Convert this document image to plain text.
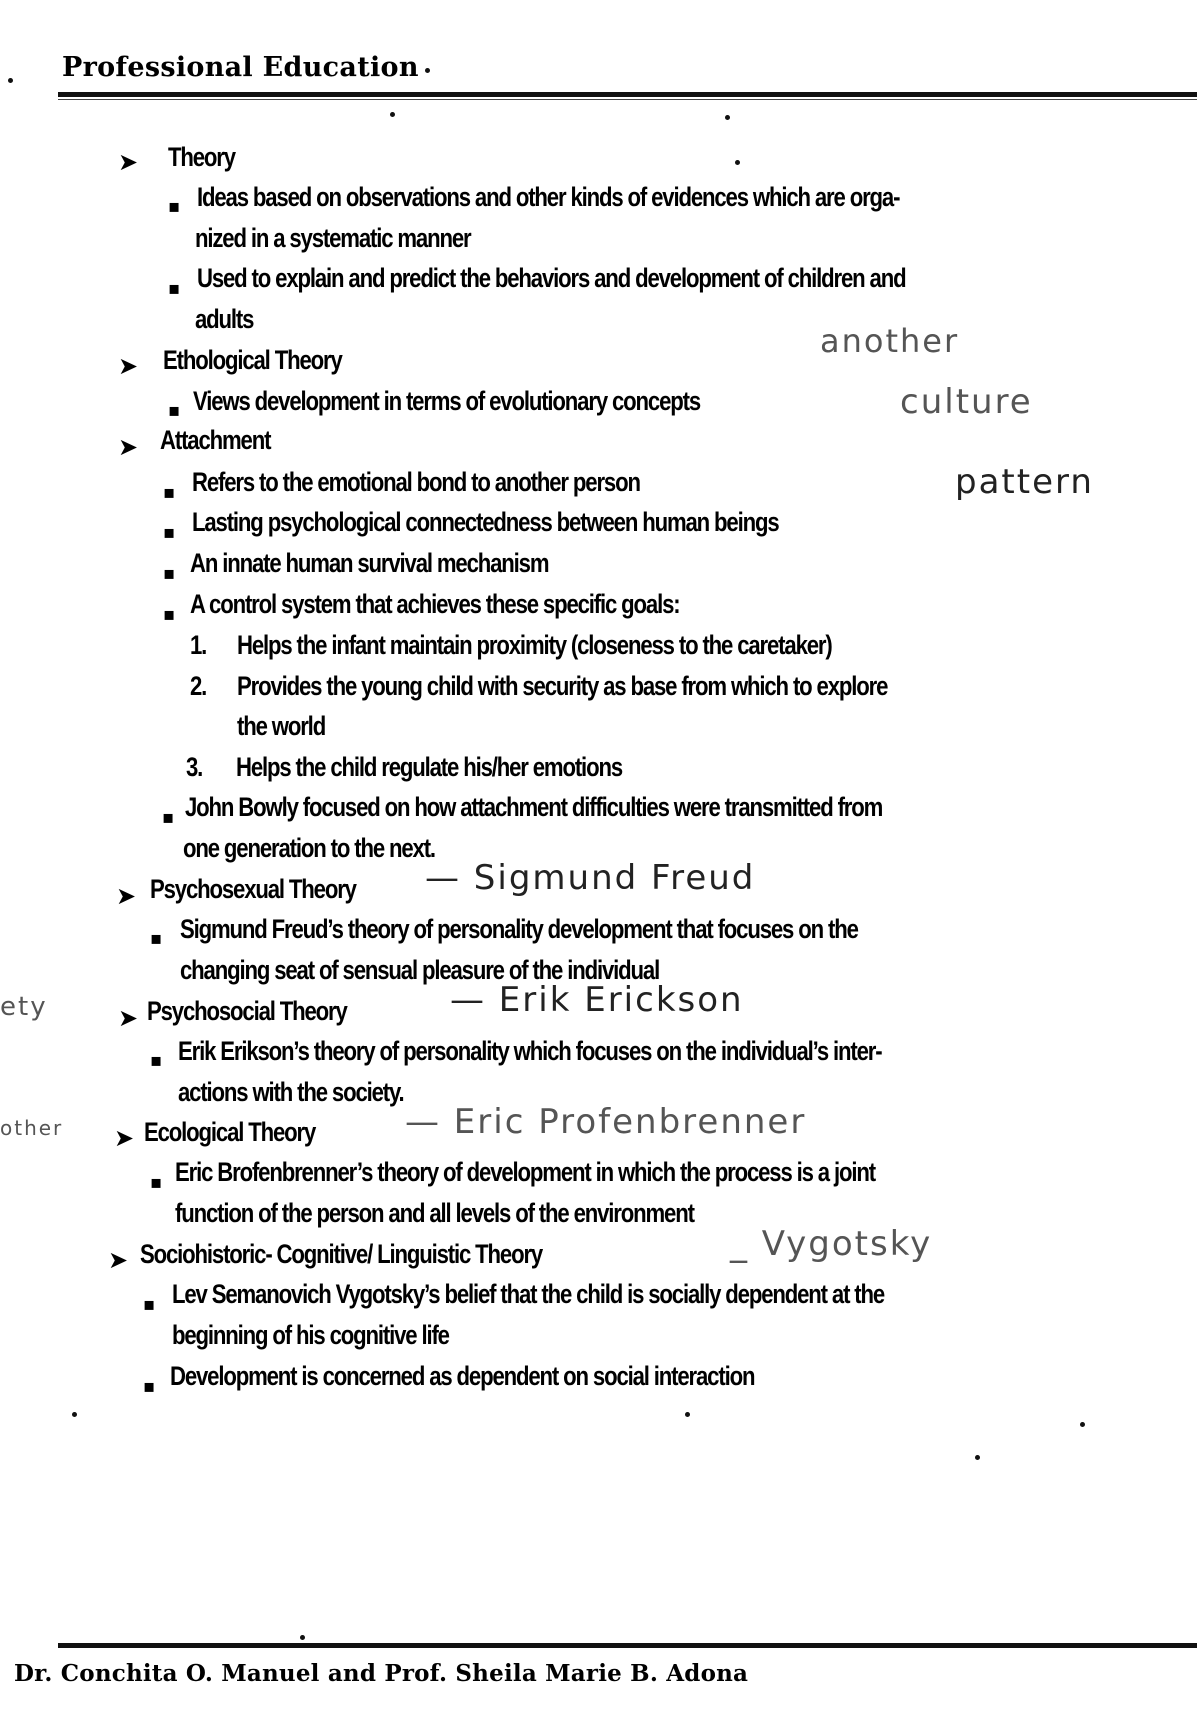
Professional Education
➤ Theory
▪ Ideas based on observations and other kinds of evidences which are orga-
nized in a systematic manner
▪ Used to explain and predict the behaviors and development of children and
adults
➤ Ethological Theory
▪ Views development in terms of evolutionary concepts
➤ Attachment
▪ Refers to the emotional bond to another person
▪ Lasting psychological connectedness between human beings
▪ An innate human survival mechanism
▪ A control system that achieves these specific goals:
1. Helps the infant maintain proximity (closeness to the caretaker)
2. Provides the young child with security as base from which to explore
the world
3. Helps the child regulate his/her emotions
▪ John Bowly focused on how attachment difficulties were transmitted from
one generation to the next.
➤ Psychosexual Theory — Sigmund Freud
▪ Sigmund Freud’s theory of personality development that focuses on the
changing seat of sensual pleasure of the individual
➤ Psychosocial Theory	— Erik Erickson
▪ Erik Erikson’s theory of personality which focuses on the individual’s inter-
actions with the society.
➤ Ecological Theory	— Eric Profenbrenner
▪ Eric Brofenbrenner’s theory of development in which the process is a joint
function of the person and all levels of the environment
➤ Sociohistoric- Cognitive/ Linguistic Theory	_ Vygotsky
▪ Lev Semanovich Vygotsky’s belief that the child is socially dependent at the
beginning of his cognitive life
▪ Development is concerned as dependent on social interaction
another
culture
pattern
ety
other
Dr. Conchita O. Manuel and Prof. Sheila Marie B. Adona
